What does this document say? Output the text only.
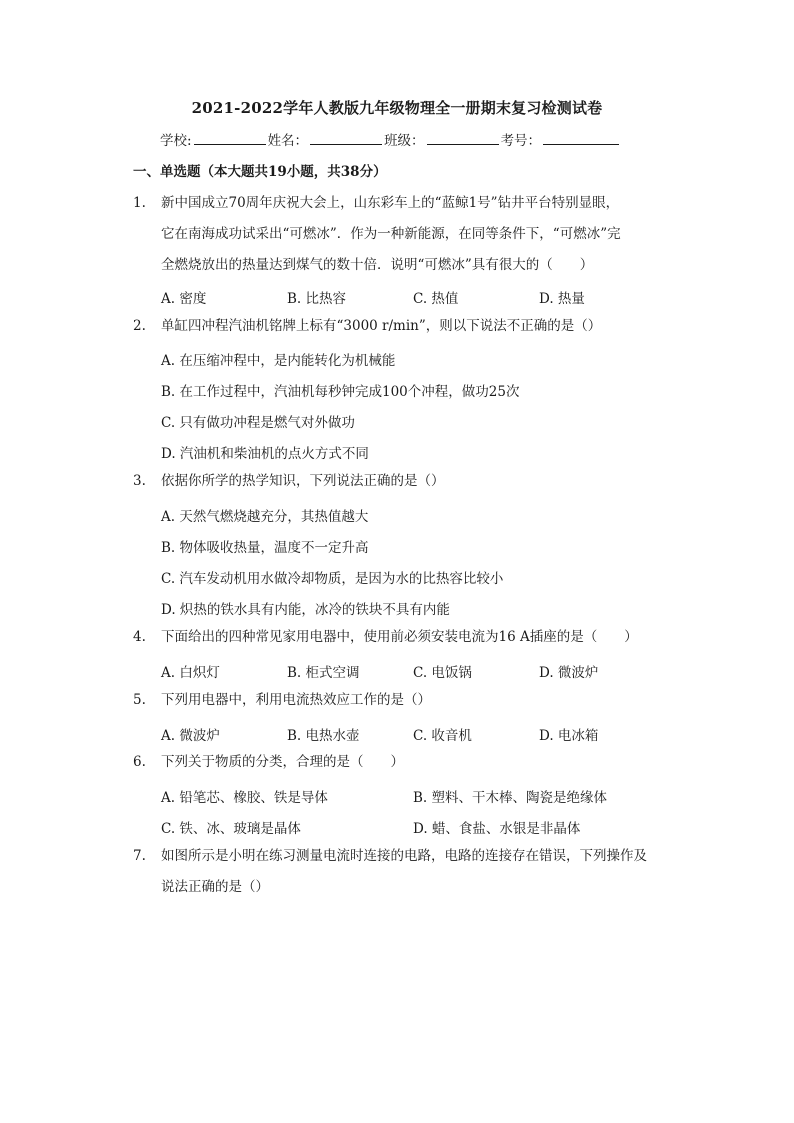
2021-2022学年人教版九年级物理全一册期末复习检测试卷
学校:	姓名：	班级：	考号：
一、单选题（本大题共19小题，共38分）
1.	新中国成立70周年庆祝大会上，山东彩车上的“蓝鲸1号”钻井平台特别显眼，
它在南海成功试采出“可燃冰”．作为一种新能源，在同等条件下，“可燃冰”完
全燃烧放出的热量达到煤气的数十倍．说明“可燃冰”具有很大的（　　）
A. 密度	B. 比热容	C. 热值	D. 热量
2.	单缸四冲程汽油机铭牌上标有“3000 r/min”，则以下说法不正确的是（）
A. 在压缩冲程中，是内能转化为机械能
B. 在工作过程中，汽油机每秒钟完成100个冲程，做功25次
C. 只有做功冲程是燃气对外做功
D. 汽油机和柴油机的点火方式不同
3.	依据你所学的热学知识，下列说法正确的是（）
A. 天然气燃烧越充分，其热值越大
B. 物体吸收热量，温度不一定升高
C. 汽车发动机用水做冷却物质，是因为水的比热容比较小
D. 炽热的铁水具有内能，冰冷的铁块不具有内能
4.	下面给出的四种常见家用电器中，使用前必须安装电流为16 A插座的是（　　）
A. 白炽灯	B. 柜式空调	C. 电饭锅	D. 微波炉
5.	下列用电器中，利用电流热效应工作的是（）
A. 微波炉	B. 电热水壶	C. 收音机	D. 电冰箱
6.	下列关于物质的分类，合理的是（　　）
A. 铅笔芯、橡胶、铁是导体	B. 塑料、干木棒、陶瓷是绝缘体
C. 铁、冰、玻璃是晶体	D. 蜡、食盐、水银是非晶体
7.	如图所示是小明在练习测量电流时连接的电路，电路的连接存在错误，下列操作及
说法正确的是（）
